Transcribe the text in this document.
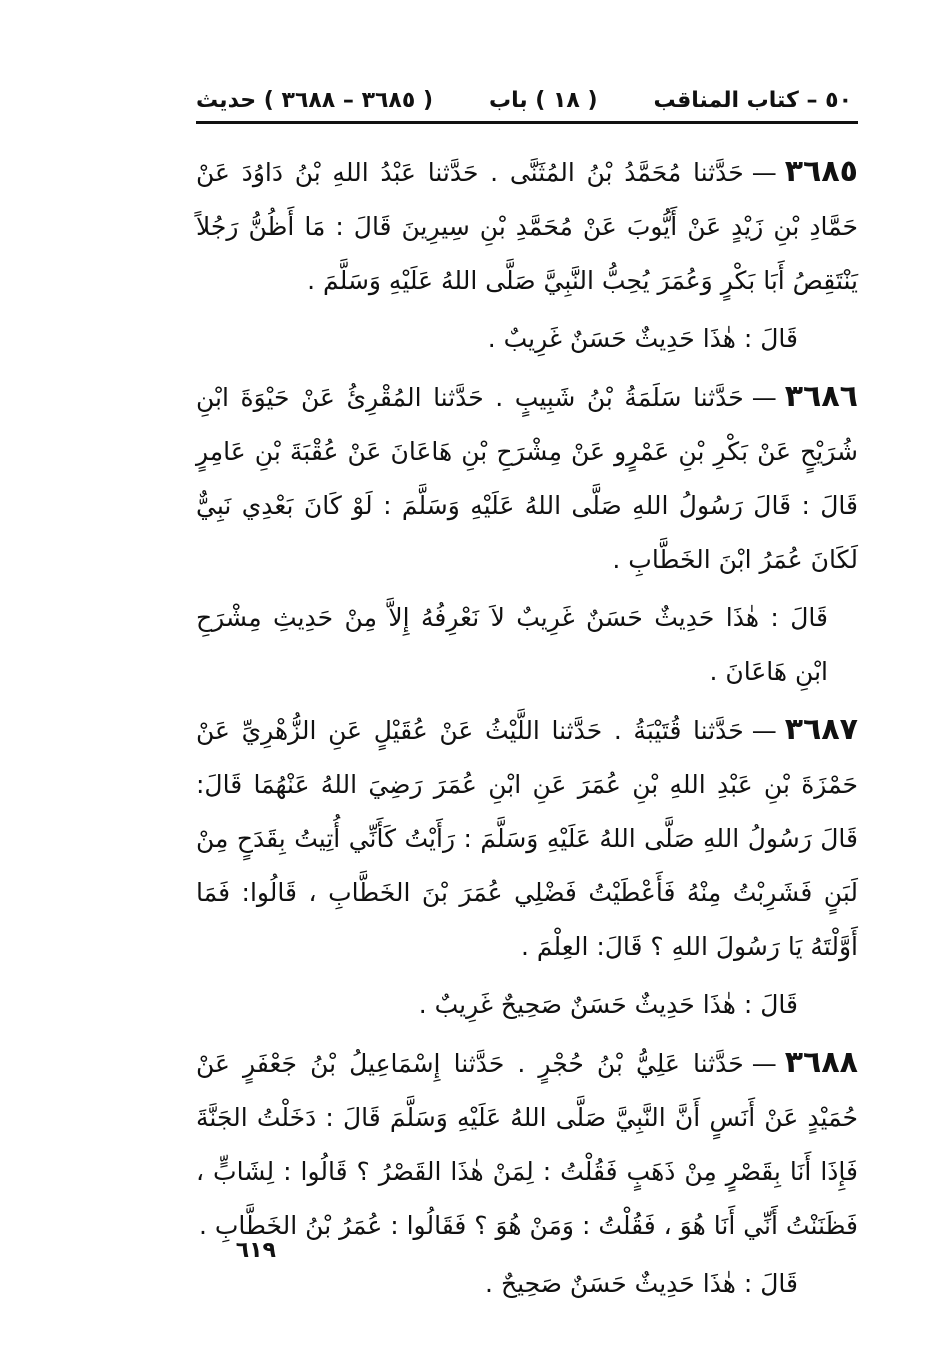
٥٠ – كتاب المناقب
( ١٨ ) باب
( ٣٦٨٥ – ٣٦٨٨ ) حديث

٣٦٨٥—حَدَّثنا مُحَمَّدُ بْنُ المُثَنَّى . حَدَّثنا عَبْدُ اللهِ بْنُ دَاوُدَ عَنْ حَمَّادِ بْنِ زَيْدٍ عَنْ أَيُّوبَ عَنْ مُحَمَّدِ بْنِ سِيرِينَ قَالَ : مَا أَظُنُّ رَجُلاً يَنْتَقِصُ أَبَا بَكْرٍ وَعُمَرَ يُحِبُّ النَّبِيَّ صَلَّى اللهُ عَلَيْهِ وَسَلَّمَ .

قَالَ : هٰذَا حَدِيثٌ حَسَنٌ غَرِيبٌ .

٣٦٨٦—حَدَّثنا سَلَمَةُ بْنُ شَبِيبٍ . حَدَّثنا المُقْرِئُ عَنْ حَيْوَةَ ابْنِ شُرَيْحٍ عَنْ بَكْرِ بْنِ عَمْرٍو عَنْ مِشْرَحِ بْنِ هَاعَانَ عَنْ عُقْبَةَ بْنِ عَامِرٍ قَالَ : قَالَ رَسُولُ اللهِ صَلَّى اللهُ عَلَيْهِ وَسَلَّمَ : لَوْ كَانَ بَعْدِي نَبِيٌّ لَكَانَ عُمَرُ ابْنَ الخَطَّابِ .

قَالَ : هٰذَا حَدِيثٌ حَسَنٌ غَرِيبٌ لاَ نَعْرِفُهُ إِلاَّ مِنْ حَدِيثِ مِشْرَحِ ابْنِ هَاعَانَ .

٣٦٨٧—حَدَّثنا قُتَيْبَةُ . حَدَّثنا اللَّيْثُ عَنْ عُقَيْلٍ عَنِ الزُّهْرِيِّ عَنْ حَمْزَةَ بْنِ عَبْدِ اللهِ بْنِ عُمَرَ عَنِ ابْنِ عُمَرَ رَضِيَ اللهُ عَنْهُمَا قَالَ: قَالَ رَسُولُ اللهِ صَلَّى اللهُ عَلَيْهِ وَسَلَّمَ : رَأَيْتُ كَأَنِّي أُتِيتُ بِقَدَحٍ مِنْ لَبَنٍ فَشَرِبْتُ مِنْهُ فَأَعْطَيْتُ فَضْلِي عُمَرَ بْنَ الخَطَّابِ ، قَالُوا: فَمَا أَوَّلْتَهُ يَا رَسُولَ اللهِ ؟ قَالَ: العِلْمَ .

قَالَ : هٰذَا حَدِيثٌ حَسَنٌ صَحِيحٌ غَرِيبٌ .

٣٦٨٨—حَدَّثنا عَلِيُّ بْنُ حُجْرٍ . حَدَّثنا إِسْمَاعِيلُ بْنُ جَعْفَرٍ عَنْ حُمَيْدٍ عَنْ أَنَسٍ أَنَّ النَّبِيَّ صَلَّى اللهُ عَلَيْهِ وَسَلَّمَ قَالَ : دَخَلْتُ الجَنَّةَ فَإِذَا أَنَا بِقَصْرٍ مِنْ ذَهَبٍ فَقُلْتُ : لِمَنْ هٰذَا القَصْرُ ؟ قَالُوا : لِشَابٍّ ، فَظَنَنْتُ أَنِّي أَنَا هُوَ ، فَقُلْتُ : وَمَنْ هُوَ ؟ فَقَالُوا : عُمَرُ بْنُ الخَطَّابِ .

قَالَ : هٰذَا حَدِيثٌ حَسَنٌ صَحِيحٌ .

٦١٩
